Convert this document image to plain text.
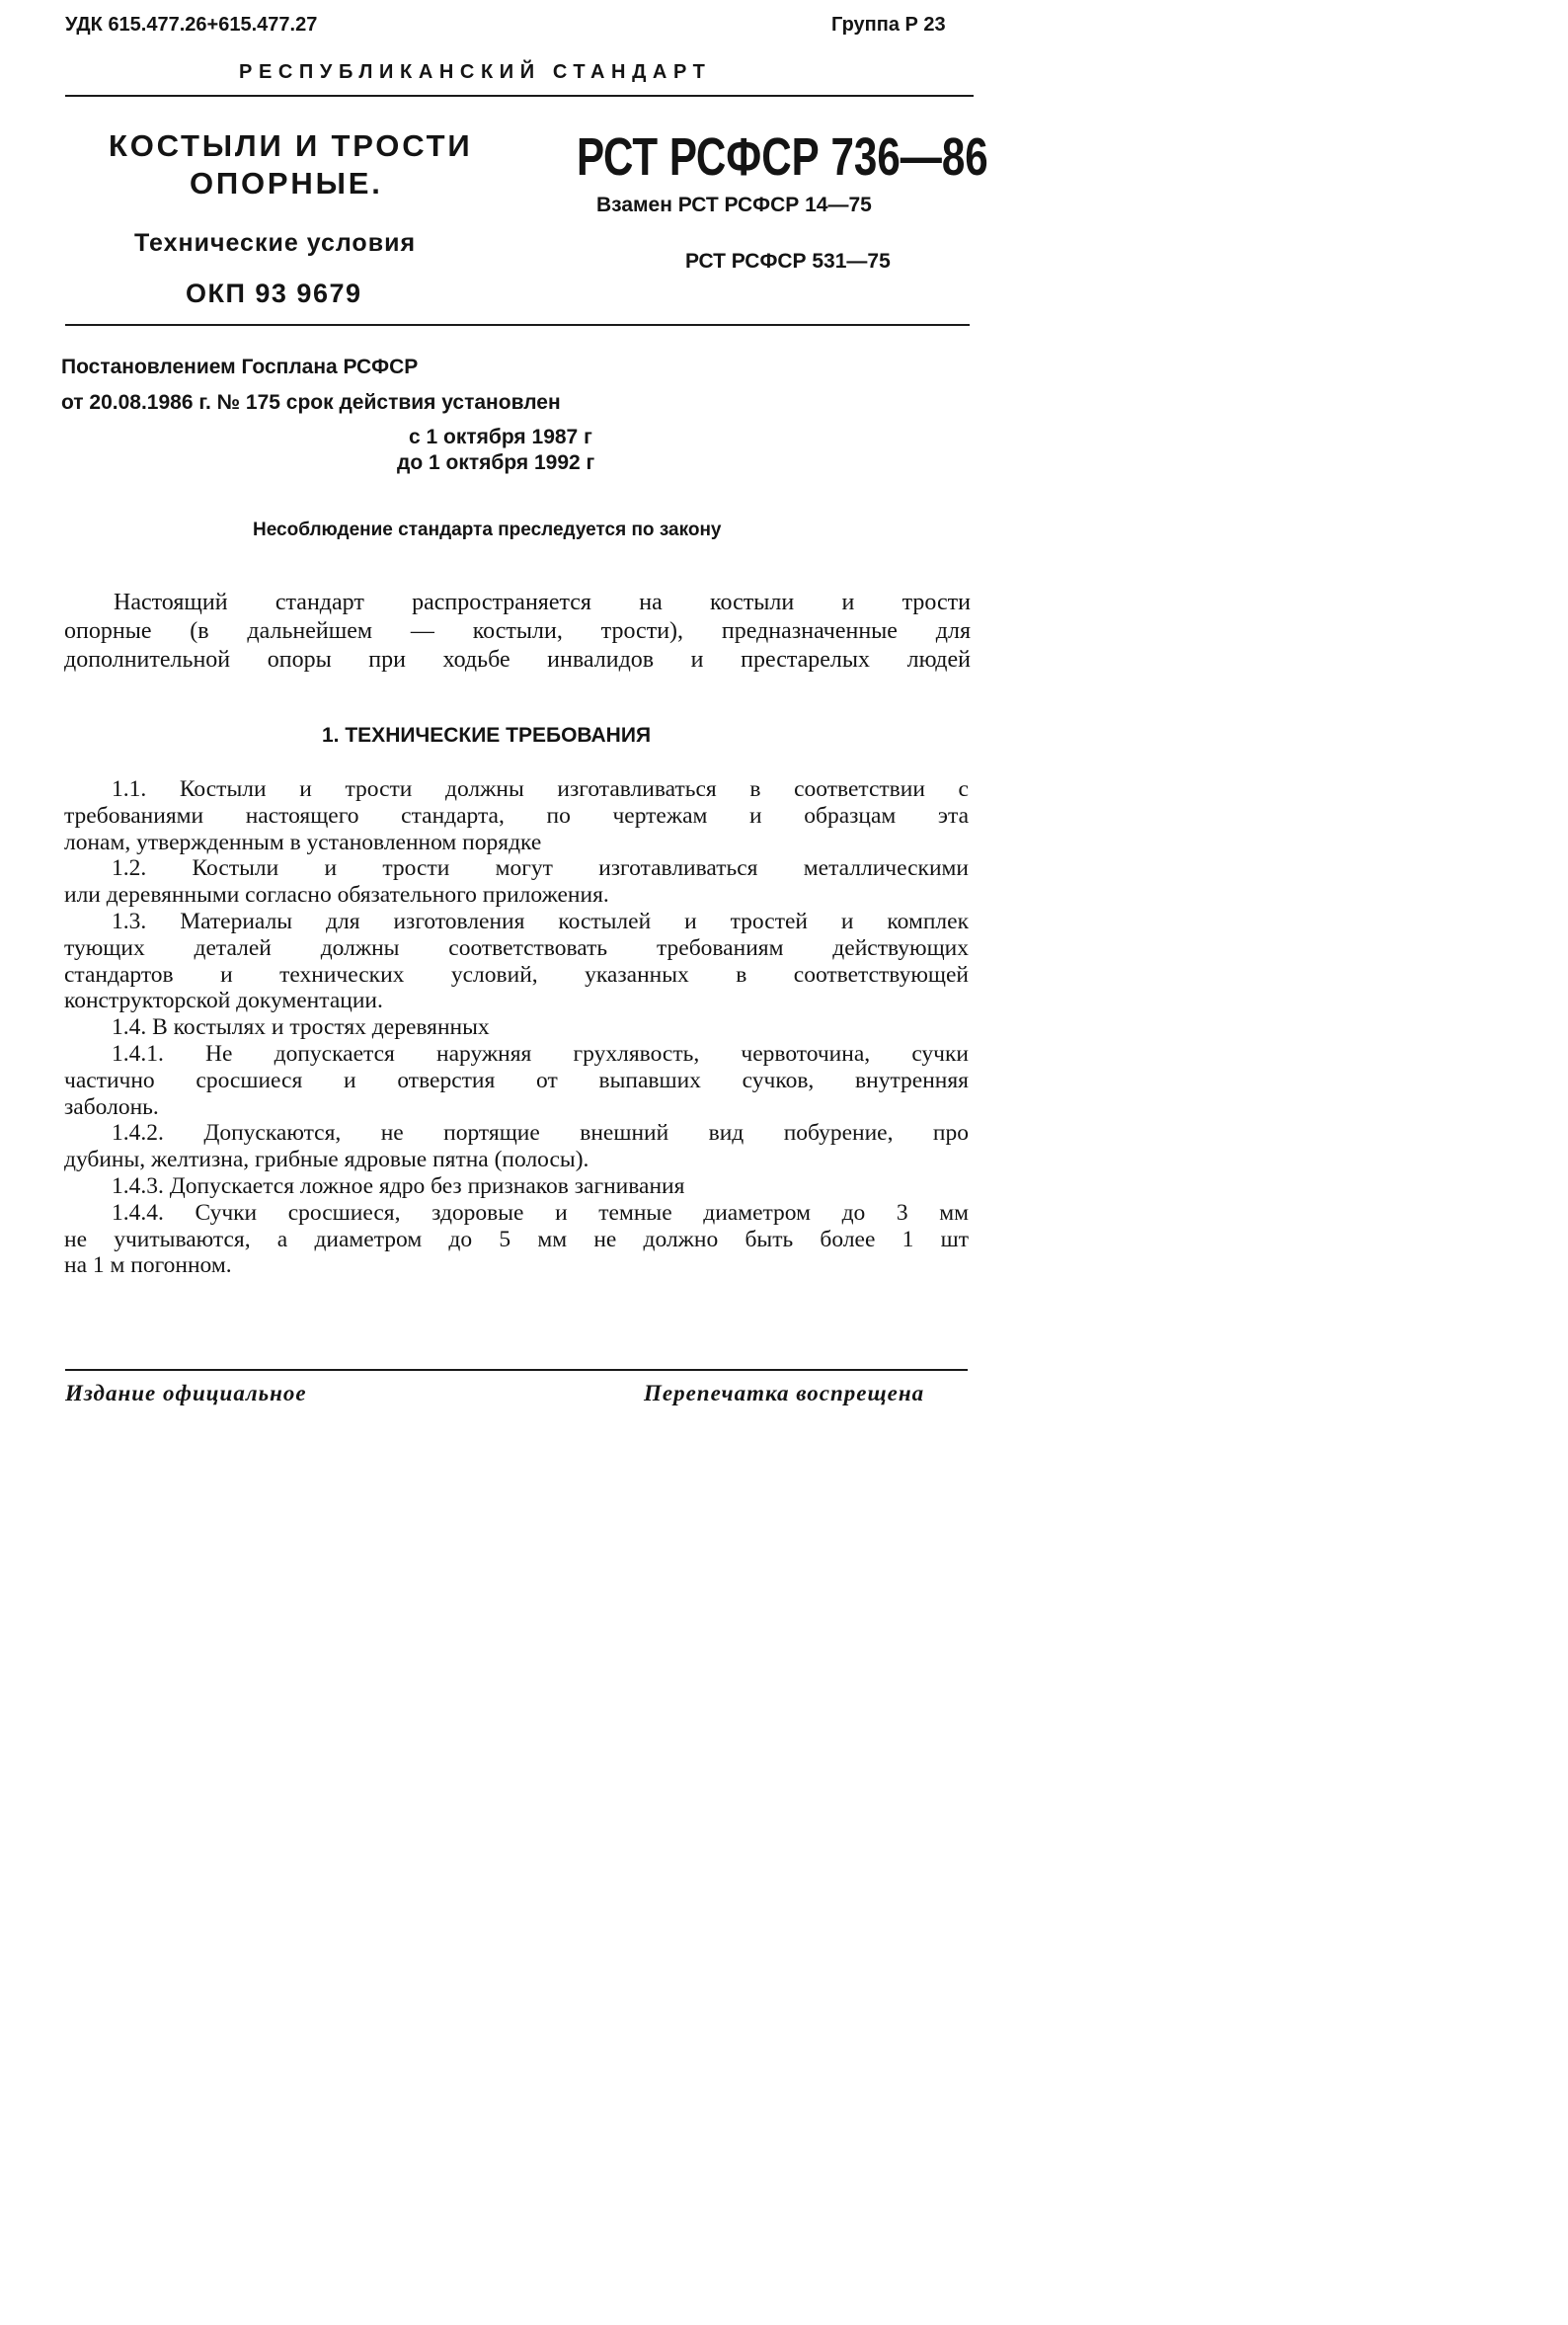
УДК 615.477.26+615.477.27	Группа Р 23
РЕСПУБЛИКАНСКИЙ СТАНДАРТ
КОСТЫЛИ И ТРОСТИ
ОПОРНЫЕ.
Технические условия
ОКП 93 9679
РСТ РСФСР 736—86
Взамен РСТ РСФСР 14—75
РСТ РСФСР 531—75
Постановлением Госплана РСФСР
от 20.08.1986 г. № 175 срок действия установлен
с 1 октября 1987 г
до 1 октября 1992 г
Несоблюдение стандарта преследуется по закону
Настоящий стандарт распространяется на костыли и трости
опорные (в дальнейшем — костыли, трости), предназначенные для
дополнительной опоры при ходьбе инвалидов и престарелых людей
1. ТЕХНИЧЕСКИЕ ТРЕБОВАНИЯ
1.1. Костыли и трости должны изготавливаться в соответствии с
требованиями настоящего стандарта, по чертежам и образцам эта
лонам, утвержденным в установленном порядке
1.2. Костыли и трости могут изготавливаться металлическими
или деревянными согласно обязательного приложения.
1.3. Материалы для изготовления костылей и тростей и комплек
тующих деталей должны соответствовать требованиям действующих
стандартов и технических условий, указанных в соответствующей
конструкторской документации.
1.4. В костылях и тростях деревянных
1.4.1. Не допускается наружняя грухлявость, червоточина, сучки
частично сросшиеся и отверстия от выпавших сучков, внутренняя
заболонь.
1.4.2. Допускаются, не портящие внешний вид побурение, про
дубины, желтизна, грибные ядровые пятна (полосы).
1.4.3. Допускается ложное ядро без признаков загнивания
1.4.4. Сучки сросшиеся, здоровые и темные диаметром до 3 мм
не учитываются, а диаметром до 5 мм не должно быть более 1 шт
на 1 м погонном.
Издание официальное	Перепечатка воспрещена
